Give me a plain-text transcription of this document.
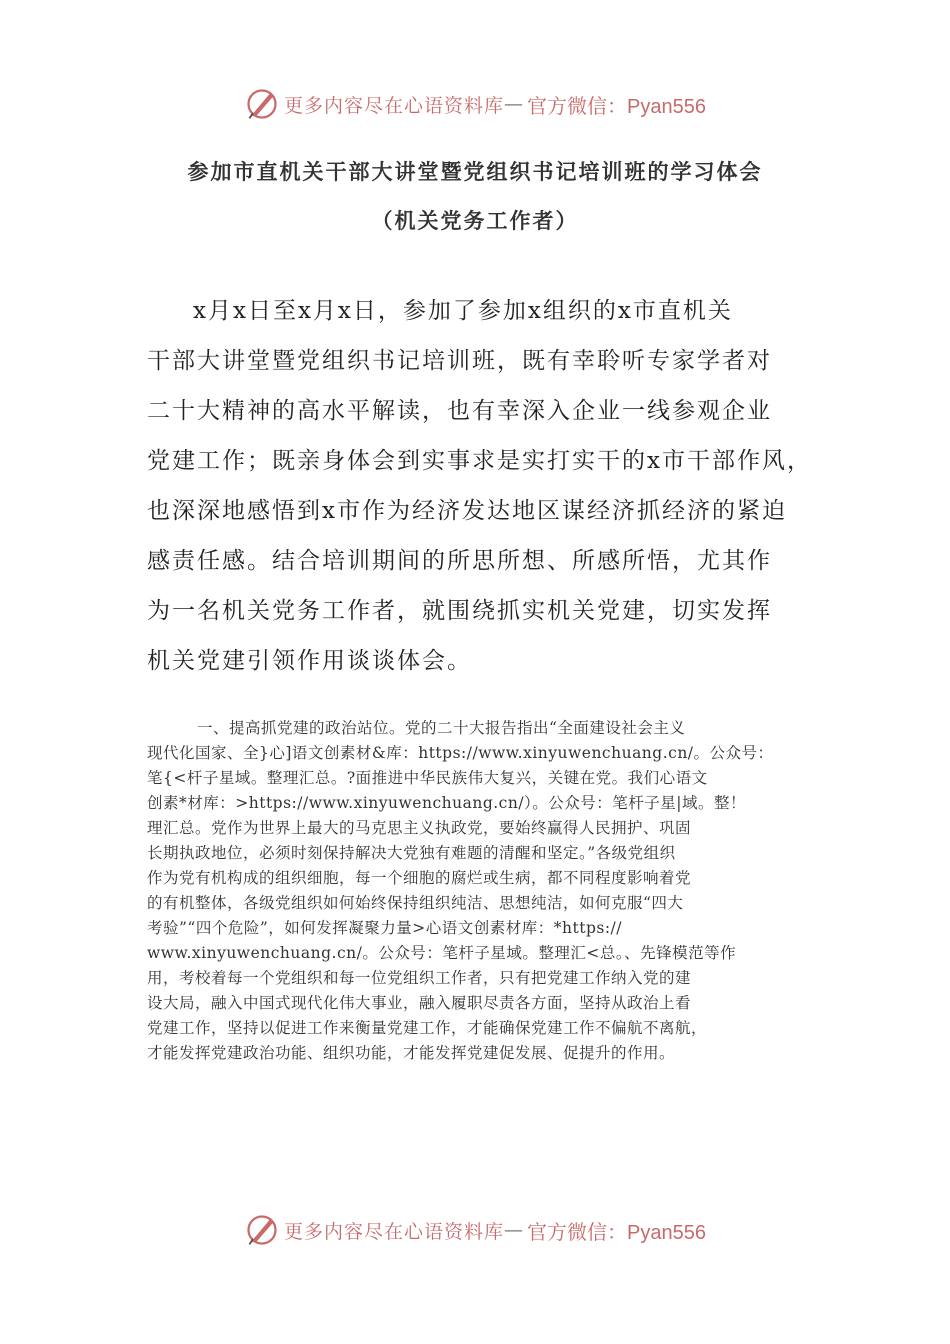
更多内容尽在心语资料库 — 官方微信：Pyan556
参加市直机关干部大讲堂暨党组织书记培训班的学习体会
（机关党务工作者）
x月x日至x月x日，参加了参加x组织的x市直机关
干部大讲堂暨党组织书记培训班，既有幸聆听专家学者对
二十大精神的高水平解读，也有幸深入企业一线参观企业
党建工作；既亲身体会到实事求是实打实干的x市干部作风，
也深深地感悟到x市作为经济发达地区谋经济抓经济的紧迫
感责任感。结合培训期间的所思所想、所感所悟，尤其作
为一名机关党务工作者，就围绕抓实机关党建，切实发挥
机关党建引领作用谈谈体会。
一、提高抓党建的政治站位。党的二十大报告指出“全面建设社会主义
现代化国家、全}心]语文创素材&库：https://www.xinyuwenchuang.cn/。公众号：
笔{<杆子星域。整理汇总。?面推进中华民族伟大复兴，关键在党。我们心语文
创素*材库：>https://www.xinyuwenchuang.cn/）。公众号：笔杆子星|域。整！
理汇总。党作为世界上最大的马克思主义执政党，要始终赢得人民拥护、巩固
长期执政地位，必须时刻保持解决大党独有难题的清醒和坚定。”各级党组织
作为党有机构成的组织细胞，每一个细胞的腐烂或生病，都不同程度影响着党
的有机整体，各级党组织如何始终保持组织纯洁、思想纯洁，如何克服“四大
考验”“四个危险”，如何发挥凝聚力量>心语文创素材库：*https://
www.xinyuwenchuang.cn/。公众号：笔杆子星域。整理汇<总。、先锋模范等作
用，考校着每一个党组织和每一位党组织工作者，只有把党建工作纳入党的建
设大局，融入中国式现代化伟大事业，融入履职尽责各方面，坚持从政治上看
党建工作，坚持以促进工作来衡量党建工作，才能确保党建工作不偏航不离航，
才能发挥党建政治功能、组织功能，才能发挥党建促发展、促提升的作用。
更多内容尽在心语资料库 — 官方微信：Pyan556
